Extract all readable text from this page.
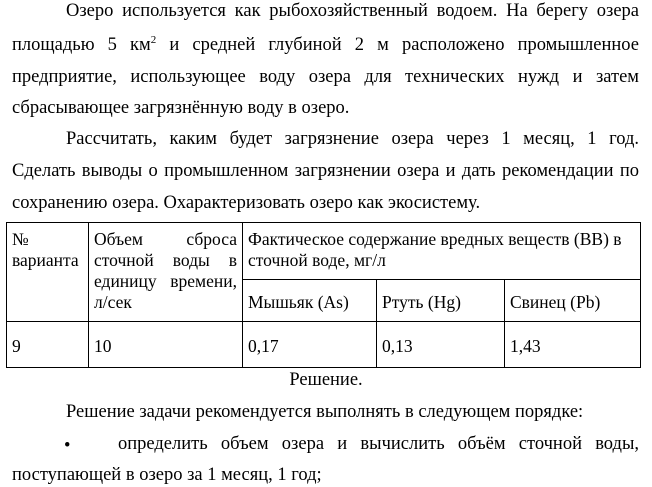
Озеро используется как рыбохозяйственный водоем. На берегу озера
площадью 5 $км^2$ и средней глубиной 2 м расположено промышленное
предприятие, использующее воду озера для технических нужд и затем
сбрасывающее загрязнённую воду в озеро.
Рассчитать, каким будет загрязнение озера через 1 месяц, 1 год.
Сделать выводы о промышленном загрязнении озера и дать рекомендации по
сохранению озера. Охарактеризовать озеро как экосистему.
№ варианта	Объем сброса сточной воды в единицу времени, л/сек	Фактическое содержание вредных веществ (ВВ) в сточной воде, мг/л		
		Мышьяк (As)	Ртуть (Hg)	Свинец (Pb)
9	10	0,17	0,13	1,43
Решение.
Решение задачи рекомендуется выполнять в следующем порядке:
•	определить объем озера и вычислить объём сточной воды,
поступающей в озеро за 1 месяц, 1 год;
